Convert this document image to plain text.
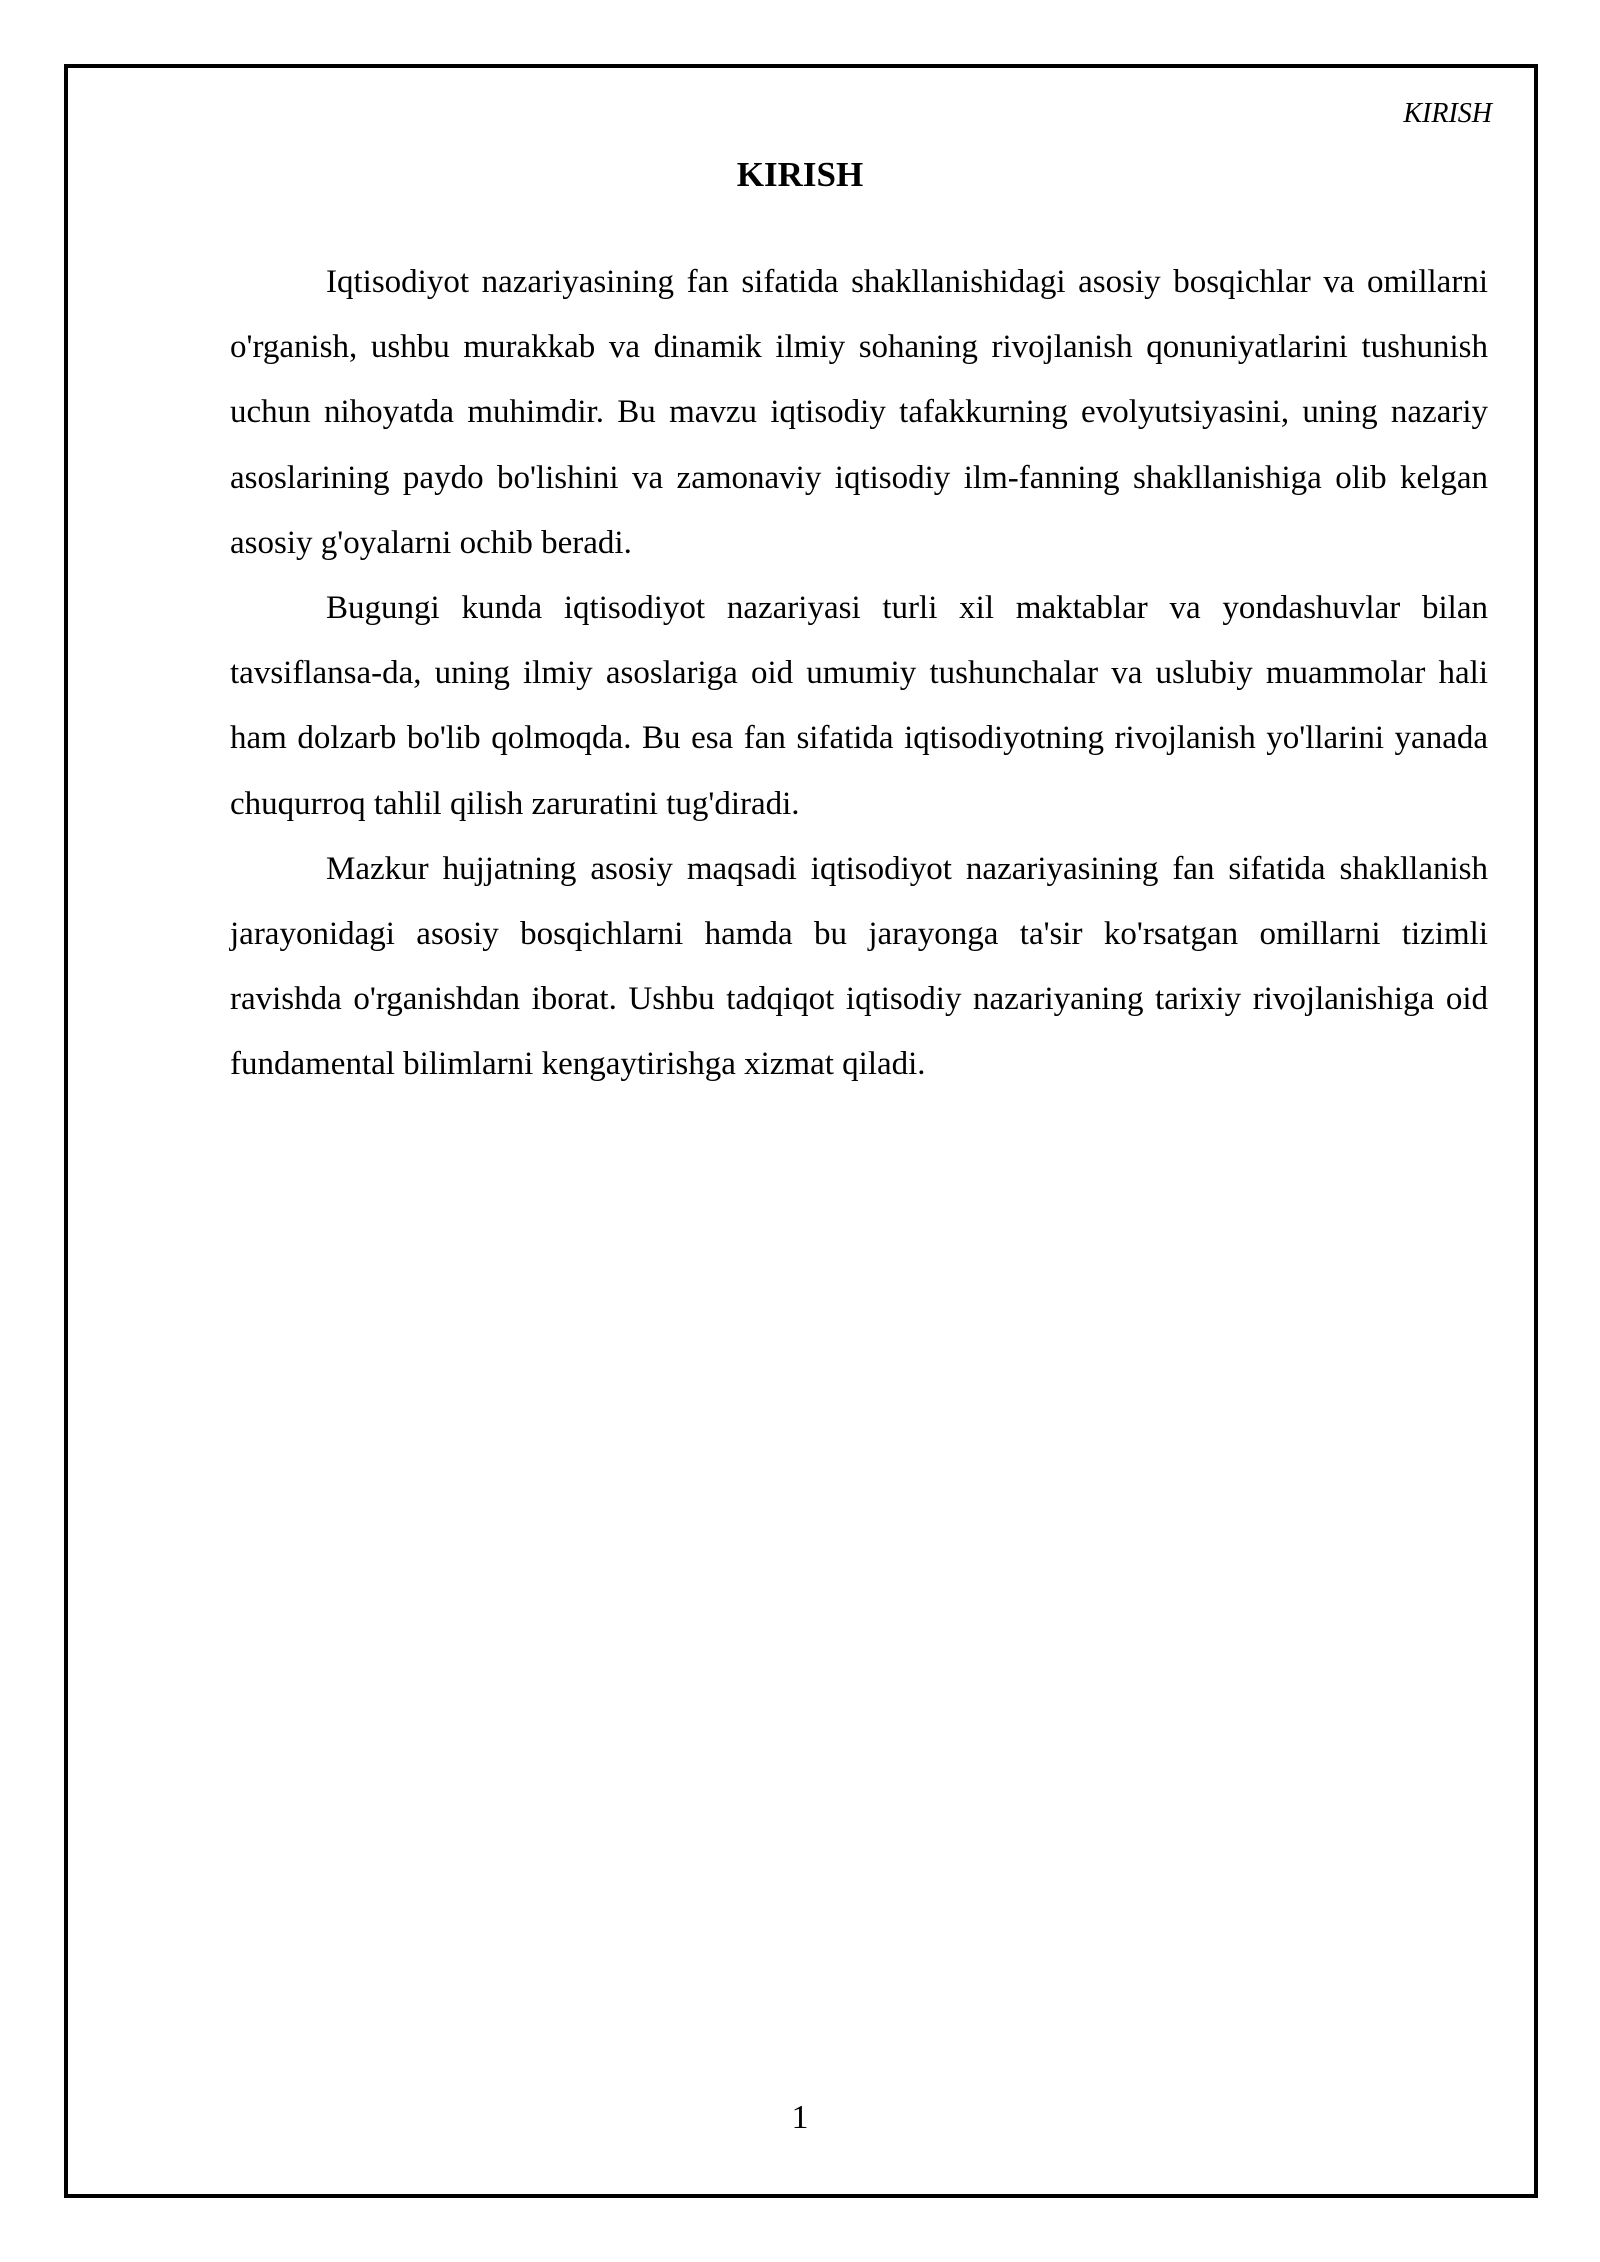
KIRISH
KIRISH

Iqtisodiyot nazariyasining fan sifatida shakllanishidagi asosiy bosqichlar va omillarni o'rganish, ushbu murakkab va dinamik ilmiy sohaning rivojlanish qonuniyatlarini tushunish uchun nihoyatda muhimdir. Bu mavzu iqtisodiy tafakkurning evolyutsiyasini, uning nazariy asoslarining paydo bo'lishini va zamonaviy iqtisodiy ilm-fanning shakllanishiga olib kelgan asosiy g'oyalarni ochib beradi.

Bugungi kunda iqtisodiyot nazariyasi turli xil maktablar va yondashuvlar bilan tavsiflansa-da, uning ilmiy asoslariga oid umumiy tushunchalar va uslubiy muammolar hali ham dolzarb bo'lib qolmoqda. Bu esa fan sifatida iqtisodiyotning rivojlanish yo'llarini yanada chuqurroq tahlil qilish zaruratini tug'diradi.

Mazkur hujjatning asosiy maqsadi iqtisodiyot nazariyasining fan sifatida shakllanish jarayonidagi asosiy bosqichlarni hamda bu jarayonga ta'sir ko'rsatgan omillarni tizimli ravishda o'rganishdan iborat. Ushbu tadqiqot iqtisodiy nazariyaning tarixiy rivojlanishiga oid fundamental bilimlarni kengaytirishga xizmat qiladi.

1
